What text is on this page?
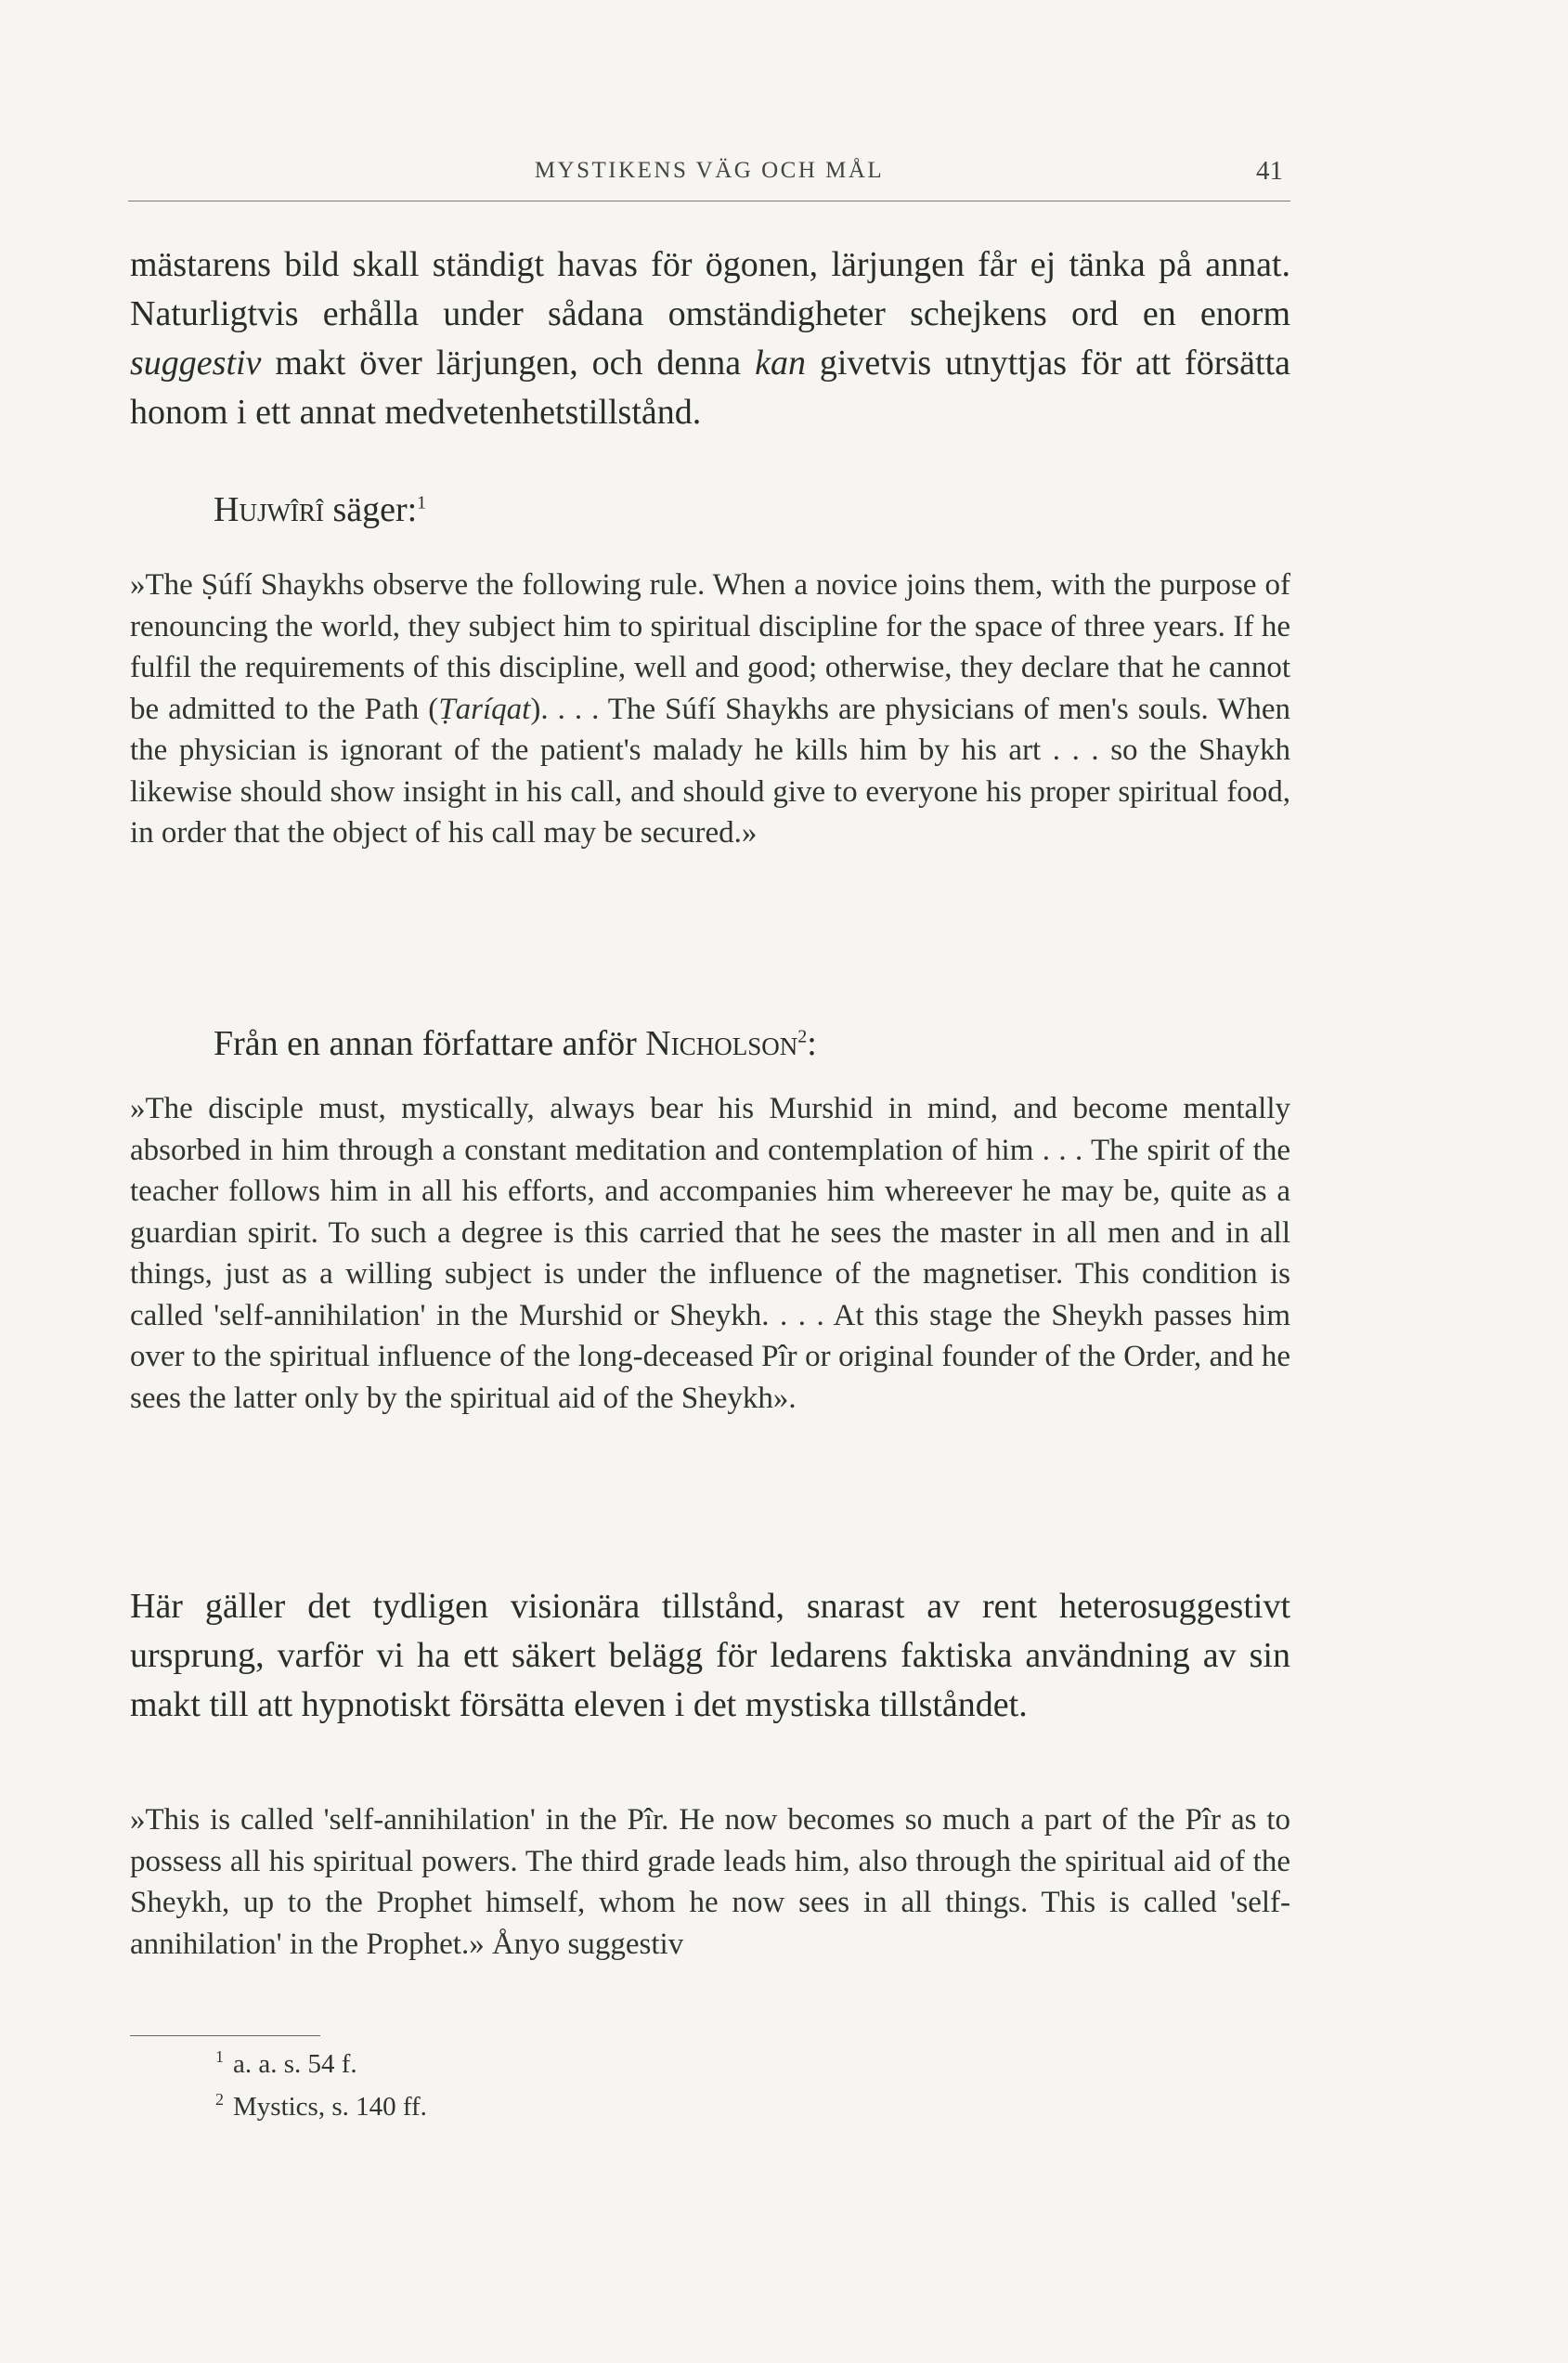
MYSTIKENS VÄG OCH MÅL	41

mästarens bild skall ständigt havas för ögonen, lärjungen får ej tänka på annat. Naturligtvis erhålla under sådana omständigheter schejkens ord en enorm suggestiv makt över lärjungen, och denna kan givetvis utnyttjas för att försätta honom i ett annat medvetenhetstillstånd.

Hujwîrî säger:$^1$

»The Ṣúfí Shaykhs observe the following rule. When a novice joins them, with the purpose of renouncing the world, they subject him to spiritual discipline for the space of three years. If he fulfil the requirements of this discipline, well and good; otherwise, they declare that he cannot be admitted to the Path (Ṭaríqat). . . . The Súfí Shaykhs are physicians of men's souls. When the physician is ignorant of the patient's malady he kills him by his art . . . so the Shaykh likewise should show insight in his call, and should give to everyone his proper spiritual food, in order that the object of his call may be secured.»

Från en annan författare anför Nicholson$^2$:

»The disciple must, mystically, always bear his Murshid in mind, and become mentally absorbed in him through a constant meditation and contemplation of him . . . The spirit of the teacher follows him in all his efforts, and accompanies him whereever he may be, quite as a guardian spirit. To such a degree is this carried that he sees the master in all men and in all things, just as a willing subject is under the influence of the magnetiser. This condition is called 'self-annihilation' in the Murshid or Sheykh. . . . At this stage the Sheykh passes him over to the spiritual influence of the long-deceased Pîr or original founder of the Order, and he sees the latter only by the spiritual aid of the Sheykh».

Här gäller det tydligen visionära tillstånd, snarast av rent heterosuggestivt ursprung, varför vi ha ett säkert belägg för ledarens faktiska användning av sin makt till att hypnotiskt försätta eleven i det mystiska tillståndet.

»This is called 'self-annihilation' in the Pîr. He now becomes so much a part of the Pîr as to possess all his spiritual powers. The third grade leads him, also through the spiritual aid of the Sheykh, up to the Prophet himself, whom he now sees in all things. This is called 'self-annihilation' in the Prophet.» Ånyo suggestiv

$^1$ a. a. s. 54 f.
$^2$ Mystics, s. 140 ff.
